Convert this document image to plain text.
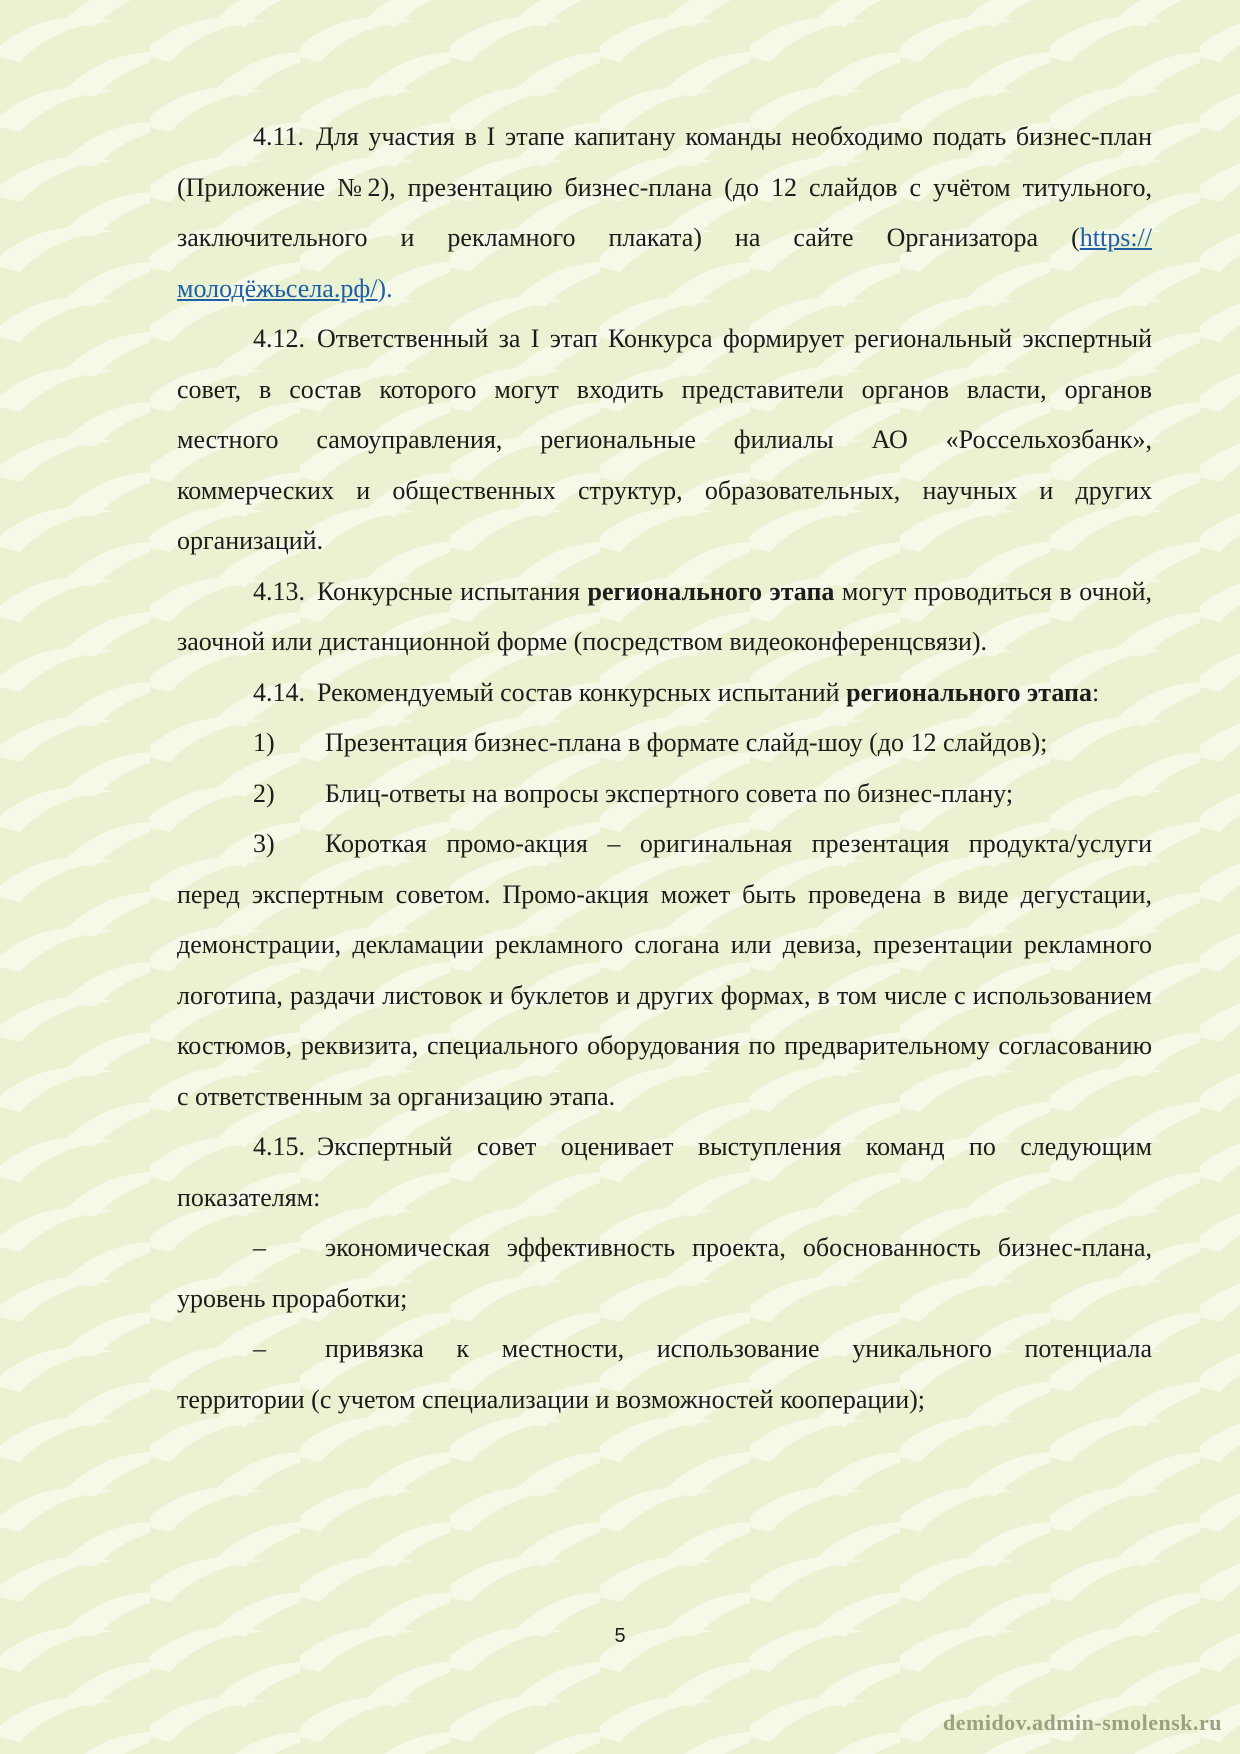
4.11. Для участия в I этапе капитану команды необходимо подать бизнес-план (Приложение №2), презентацию бизнес-плана (до 12 слайдов с учётом титульного, заключительного и рекламного плаката) на сайте Организатора (https://молодёжьсела.рф/).

4.12. Ответственный за I этап Конкурса формирует региональный экспертный совет, в состав которого могут входить представители органов власти, органов местного самоуправления, региональные филиалы АО «Россельхозбанк», коммерческих и общественных структур, образовательных, научных и других организаций.

4.13. Конкурсные испытания регионального этапа могут проводиться в очной, заочной или дистанционной форме (посредством видеоконференцсвязи).

4.14. Рекомендуемый состав конкурсных испытаний регионального этапа:

1) Презентация бизнес-плана в формате слайд-шоу (до 12 слайдов);

2) Блиц-ответы на вопросы экспертного совета по бизнес-плану;

3) Короткая промо-акция – оригинальная презентация продукта/услуги перед экспертным советом. Промо-акция может быть проведена в виде дегустации, демонстрации, декламации рекламного слогана или девиза, презентации рекламного логотипа, раздачи листовок и буклетов и других формах, в том числе с использованием костюмов, реквизита, специального оборудования по предварительному согласованию с ответственным за организацию этапа.

4.15. Экспертный совет оценивает выступления команд по следующим показателям:

– экономическая эффективность проекта, обоснованность бизнес-плана, уровень проработки;

– привязка к местности, использование уникального потенциала территории (с учетом специализации и возможностей кооперации);

5
demidov.admin-smolensk.ru
